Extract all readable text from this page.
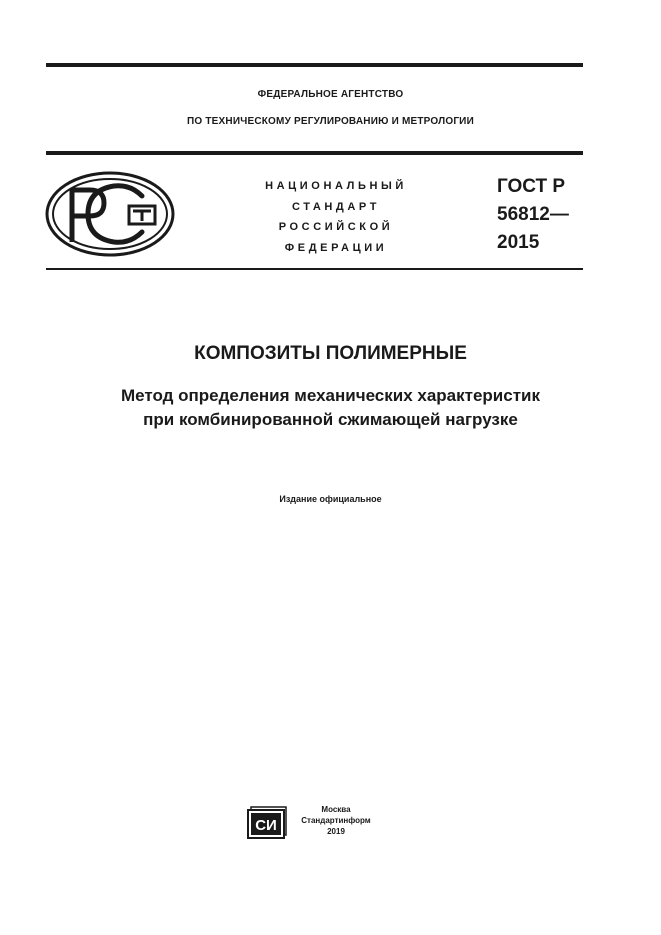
ФЕДЕРАЛЬНОЕ АГЕНТСТВО
ПО ТЕХНИЧЕСКОМУ РЕГУЛИРОВАНИЮ И МЕТРОЛОГИИ
НАЦИОНАЛЬНЫЙ
СТАНДАРТ
РОССИЙСКОЙ
ФЕДЕРАЦИИ
ГОСТ Р
56812—
2015
КОМПОЗИТЫ ПОЛИМЕРНЫЕ
Метод определения механических характеристик
при комбинированной сжимающей нагрузке
Издание официальное
СИ
Москва
Стандартинформ
2019
